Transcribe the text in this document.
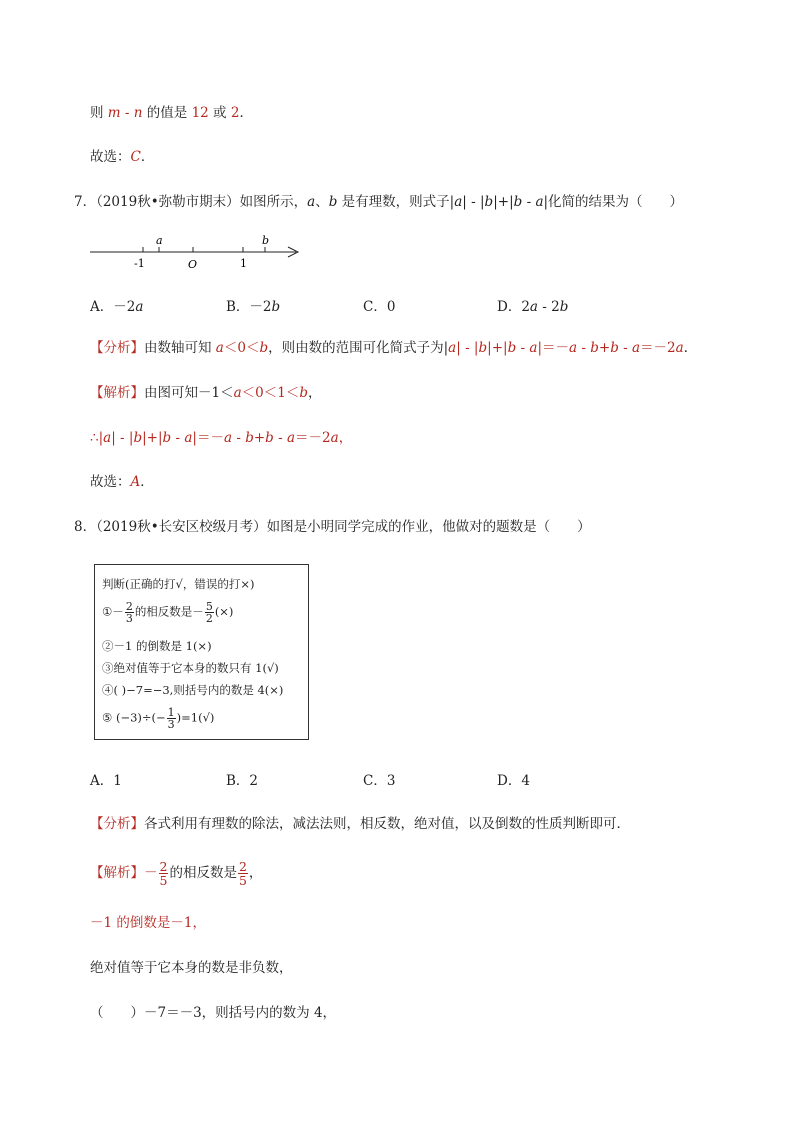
则 m - n 的值是 12 或 2．
故选：C．
7．（2019秋•弥勒市期末）如图所示，a、b 是有理数，则式子|a| - |b|+|b - a|化简的结果为（　　）
a	b
-1	O	1
A．－2a	B．－2b	C．0	D．2a - 2b
【分析】由数轴可知 a＜0＜b，则由数的范围可化简式子为|a| - |b|+|b - a|＝－a - b+b - a＝－2a．
【解析】由图可知－1＜a＜0＜1＜b，
∴|a| - |b|+|b - a|＝－a - b+b - a＝－2a，
故选：A．
8．（2019秋•长安区校级月考）如图是小明同学完成的作业，他做对的题数是（　　）
判断(正确的打√，错误的打×)
①－ $\frac{2}{3}$ 的相反数是－ $\frac{5}{2}$ (×)
②－1 的倒数是 1(×)
③绝对值等于它本身的数只有 1(√)
④( )−7=−3,则括号内的数是 4(×)
⑤ $(-3)\div(- \frac{1}{3} )=1(√)$
A．1	B．2	C．3	D．4
【分析】各式利用有理数的除法，减法法则，相反数，绝对值，以及倒数的性质判断即可．
【解析】－ $\frac{2}{5}$ 的相反数是 $\frac{2}{5}$ ，
－1 的倒数是－1，
绝对值等于它本身的数是非负数，
（　　）－7＝－3，则括号内的数为 4，
